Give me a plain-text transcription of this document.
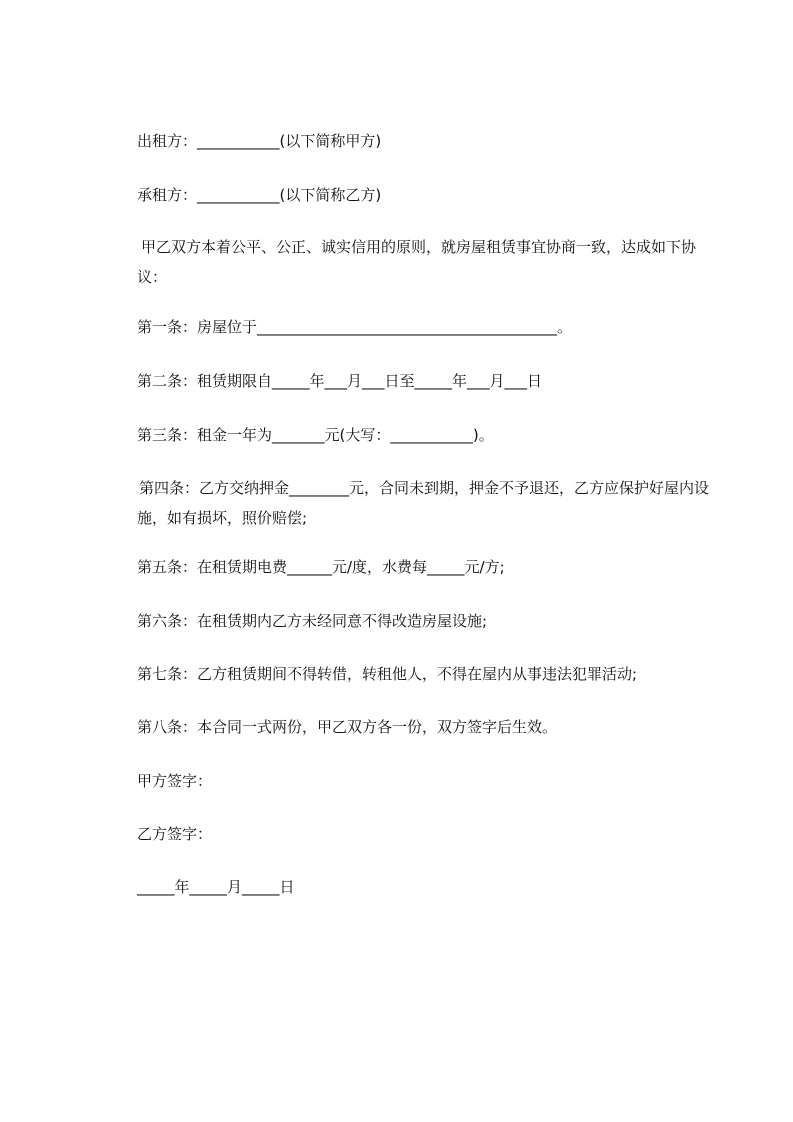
出租方：___________(以下简称甲方)
承租方：___________(以下简称乙方)
甲乙双方本着公平、公正、诚实信用的原则，就房屋租赁事宜协商一致，达成如下协议：
第一条：房屋位于________________________________________。
第二条：租赁期限自_____年___月___日至_____年___月___日
第三条：租金一年为_______元(大写：___________)。
第四条：乙方交纳押金________元，合同未到期，押金不予退还，乙方应保护好屋内设施，如有损坏，照价赔偿;
第五条：在租赁期电费______元/度，水费每_____元/方;
第六条：在租赁期内乙方未经同意不得改造房屋设施;
第七条：乙方租赁期间不得转借，转租他人，不得在屋内从事违法犯罪活动;
第八条：本合同一式两份，甲乙双方各一份，双方签字后生效。
甲方签字：
乙方签字：
_____年_____月_____日
